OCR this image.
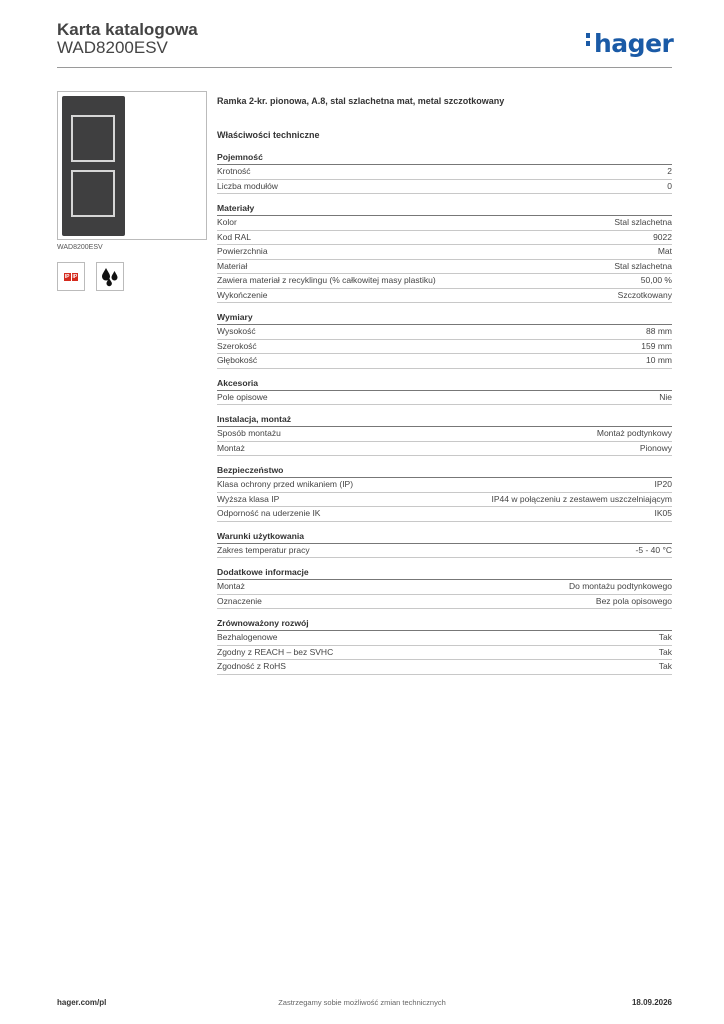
Karta katalogowa
WAD8200ESV	hager
WAD8200ESV
IP IP
Ramka 2-kr. pionowa, A.8, stal szlachetna mat, metal szczotkowany
Właściwości techniczne
Pojemność
Krotność	2
Liczba modułów	0
Materiały
Kolor	Stal szlachetna
Kod RAL	9022
Powierzchnia	Mat
Materiał	Stal szlachetna
Zawiera materiał z recyklingu (% całkowitej masy plastiku)	50,00 %
Wykończenie	Szczotkowany
Wymiary
Wysokość	88 mm
Szerokość	159 mm
Głębokość	10 mm
Akcesoria
Pole opisowe	Nie
Instalacja, montaż
Sposób montażu	Montaż podtynkowy
Montaż	Pionowy
Bezpieczeństwo
Klasa ochrony przed wnikaniem (IP)	IP20
Wyższa klasa IP	IP44 w połączeniu z zestawem uszczelniającym
Odporność na uderzenie IK	IK05
Warunki użytkowania
Zakres temperatur pracy	-5 - 40 °C
Dodatkowe informacje
Montaż	Do montażu podtynkowego
Oznaczenie	Bez pola opisowego
Zrównoważony rozwój
Bezhalogenowe	Tak
Zgodny z REACH – bez SVHC	Tak
Zgodność z RoHS	Tak
hager.com/pl	Zastrzegamy sobie możliwość zmian technicznych	18.09.2026
